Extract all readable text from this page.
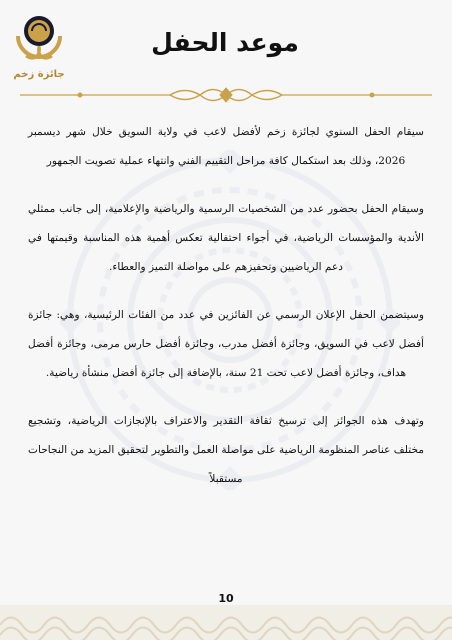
جائزة زخم
موعد الحفل

سيقام الحفل السنوي لجائزة زخم لأفضل لاعب في ولاية السويق خلال شهر ديسمبر 2026، وذلك بعد استكمال كافة مراحل التقييم الفني وانتهاء عملية تصويت الجمهور

وسيقام الحفل بحضور عدد من الشخصيات الرسمية والرياضية والإعلامية، إلى جانب ممثلي الأندية والمؤسسات الرياضية، في أجواء احتفالية تعكس أهمية هذه المناسبة وقيمتها في دعم الرياضيين وتحفيزهم على مواصلة التميز والعطاء.

وسيتضمن الحفل الإعلان الرسمي عن الفائزين في عدد من الفئات الرئيسية، وهي: جائزة أفضل لاعب في السويق، وجائزة أفضل مدرب، وجائزة أفضل حارس مرمى، وجائزة أفضل هداف، وجائزة أفضل لاعب تحت 21 سنة، بالإضافة إلى جائزة أفضل منشأة رياضية.

وتهدف هذه الجوائز إلى ترسيخ ثقافة التقدير والاعتراف بالإنجازات الرياضية، وتشجيع مختلف عناصر المنظومة الرياضية على مواصلة العمل والتطوير لتحقيق المزيد من النجاحات مستقبلاً

10
